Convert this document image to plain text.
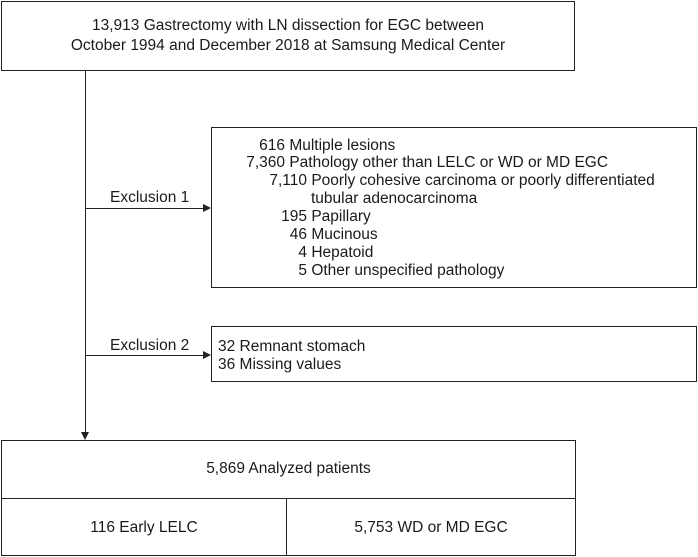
13,913 Gastrectomy with LN dissection for EGC between
October 1994 and December 2018 at Samsung Medical Center
Exclusion 1
616 Multiple lesions
7,360 Pathology other than LELC or WD or MD EGC
7,110 Poorly cohesive carcinoma or poorly differentiated
tubular adenocarcinoma
195 Papillary
46 Mucinous
4 Hepatoid
5 Other unspecified pathology
Exclusion 2 32 Remnant stomach
36 Missing values
5,869 Analyzed patients
116 Early LELC	5,753 WD or MD EGC
